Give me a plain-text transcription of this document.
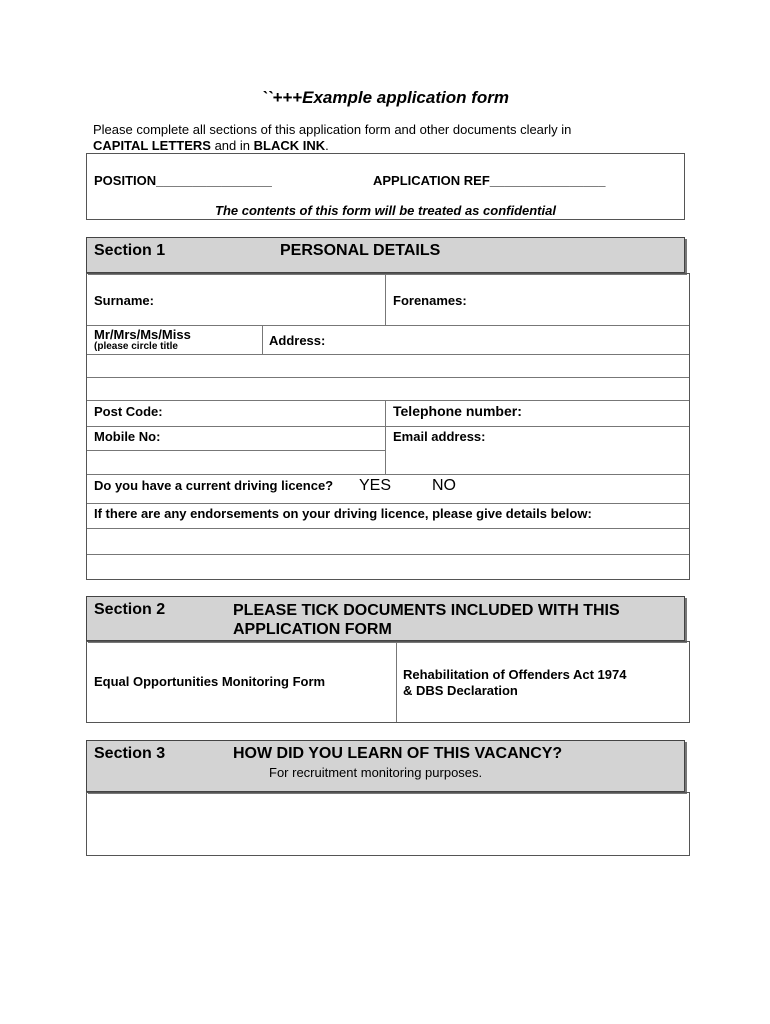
``+++Example application form
Please complete all sections of this application form and other documents clearly in
CAPITAL LETTERS and in BLACK INK.
POSITION________________	APPLICATION REF________________
The contents of this form will be treated as confidential
Section 1	PERSONAL DETAILS
Surname:	Forenames:
Mr/Mrs/Ms/Miss
(please circle title	Address:
Post Code:	Telephone number:
Mobile No:	Email address:
Do you have a current driving licence? YES	NO
If there are any endorsements on your driving licence, please give details below:
Section 2	PLEASE TICK DOCUMENTS INCLUDED WITH THIS
APPLICATION FORM
Equal Opportunities Monitoring Form	Rehabilitation of Offenders Act 1974
& DBS Declaration
Section 3	HOW DID YOU LEARN OF THIS VACANCY?
For recruitment monitoring purposes.
